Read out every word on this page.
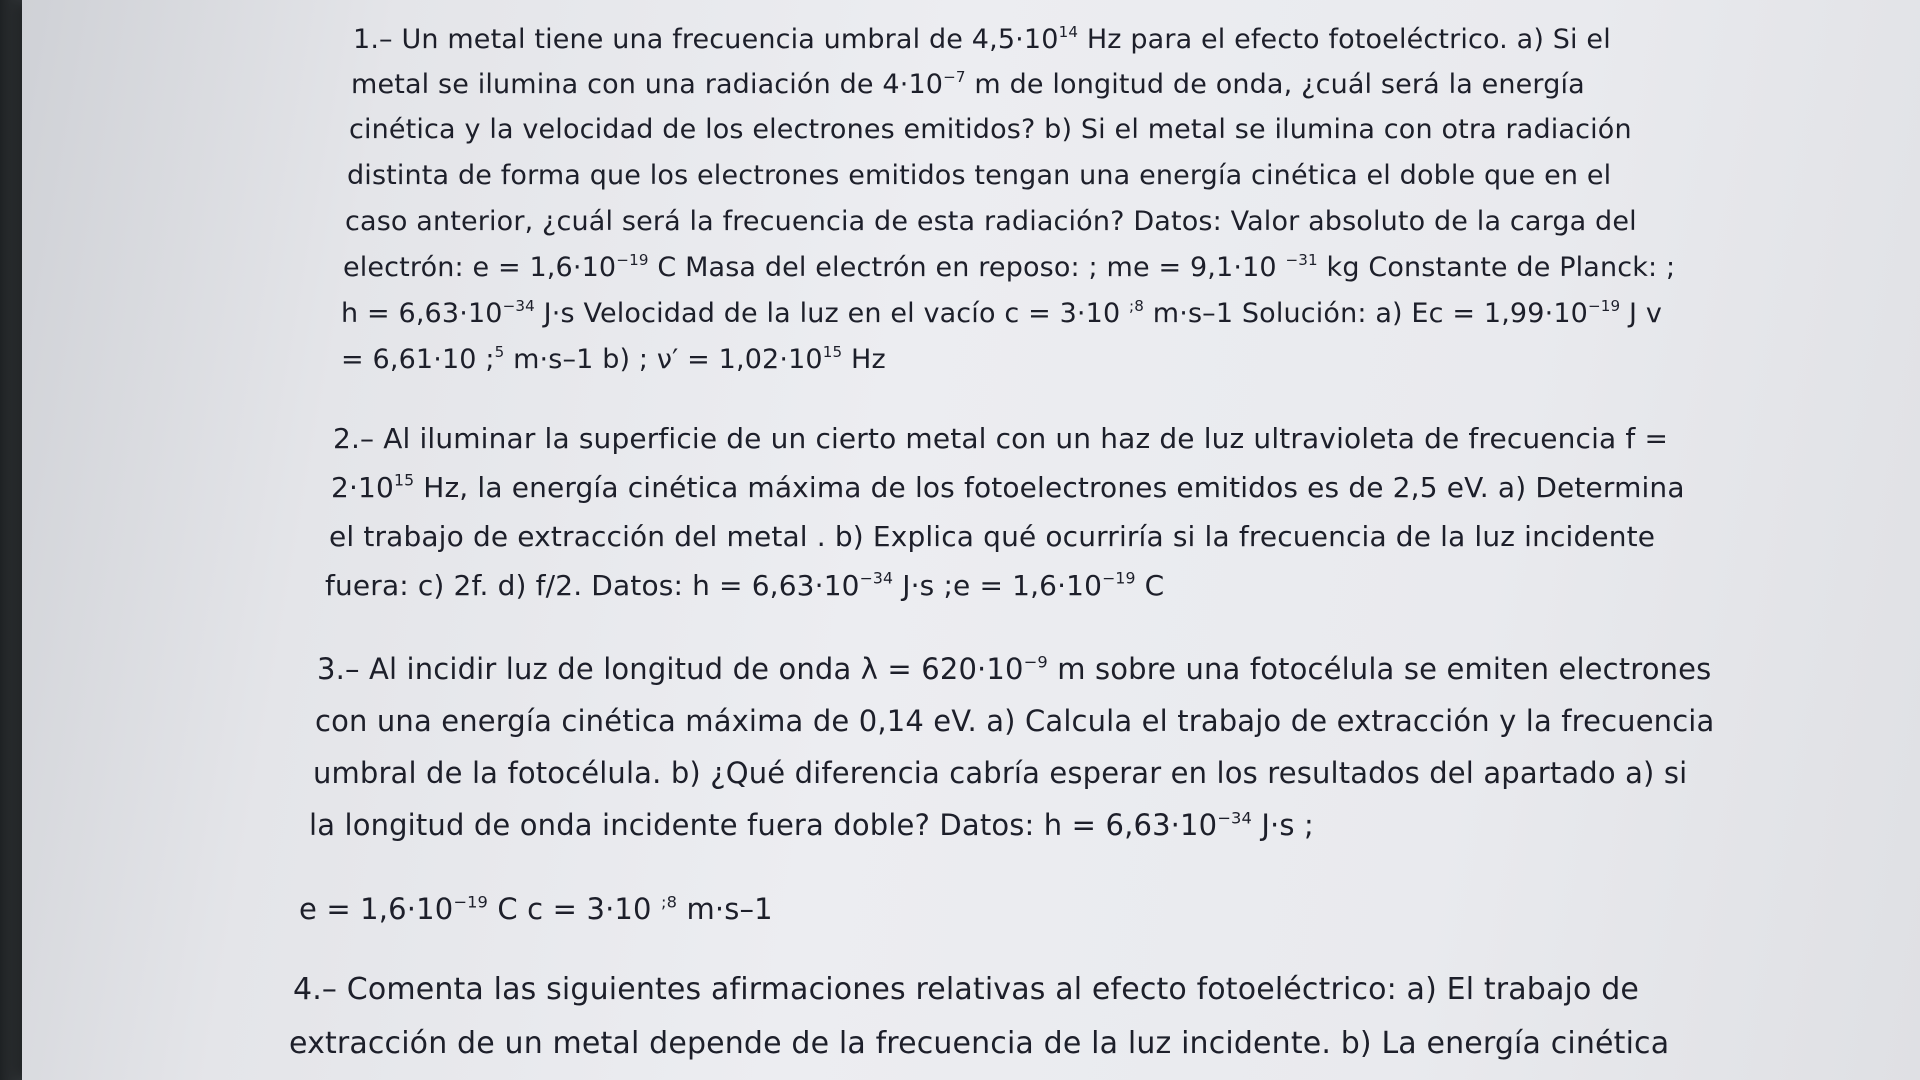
1.– Un metal tiene una frecuencia umbral de $4,5\cdot 10^{14}$ Hz para el efecto fotoeléctrico. a) Si el
metal se ilumina con una radiación de $4\cdot 10^{-7}$ m de longitud de onda, ¿cuál será la energía
cinética y la velocidad de los electrones emitidos? b) Si el metal se ilumina con otra radiación
distinta de forma que los electrones emitidos tengan una energía cinética el doble que en el
caso anterior, ¿cuál será la frecuencia de esta radiación? Datos: Valor absoluto de la carga del
electrón: $e = 1,6\cdot 10^{-19}$ C Masa del electrón en reposo: ; me = 9,1·10 $^{-31}$ kg Constante de Planck: ;
$h = 6,63\cdot 10^{-34}$ J·s Velocidad de la luz en el vacío c = 3·10 $^{;8}$ m·s–1 Solución: a) $Ec = 1,99\cdot 10^{-19}$ J v
= 6,61·10 ;$^5$ m·s–1 b) ; $\nu' = 1,02\cdot 10^{15}$ Hz
2.– Al iluminar la superficie de un cierto metal con un haz de luz ultravioleta de frecuencia f =
$2\cdot 10^{15}$ Hz, la energía cinética máxima de los fotoelectrones emitidos es de 2,5 eV. a) Determina
el trabajo de extracción del metal . b) Explica qué ocurriría si la frecuencia de la luz incidente
fuera: c) 2f. d) f/2. Datos: $h = 6,63\cdot 10^{-34}$ J·s ;e = $1,6\cdot 10^{-19}$ C
3.– Al incidir luz de longitud de onda $\lambda = 620\cdot 10^{-9}$ m sobre una fotocélula se emiten electrones
con una energía cinética máxima de 0,14 eV. a) Calcula el trabajo de extracción y la frecuencia
umbral de la fotocélula. b) ¿Qué diferencia cabría esperar en los resultados del apartado a) si
la longitud de onda incidente fuera doble? Datos: $h = 6,63\cdot 10^{-34}$ J·s ;
$e = 1,6\cdot 10^{-19}$ C c = 3·10 $^{;8}$ m·s–1
4.– Comenta las siguientes afirmaciones relativas al efecto fotoeléctrico: a) El trabajo de
extracción de un metal depende de la frecuencia de la luz incidente. b) La energía cinética
